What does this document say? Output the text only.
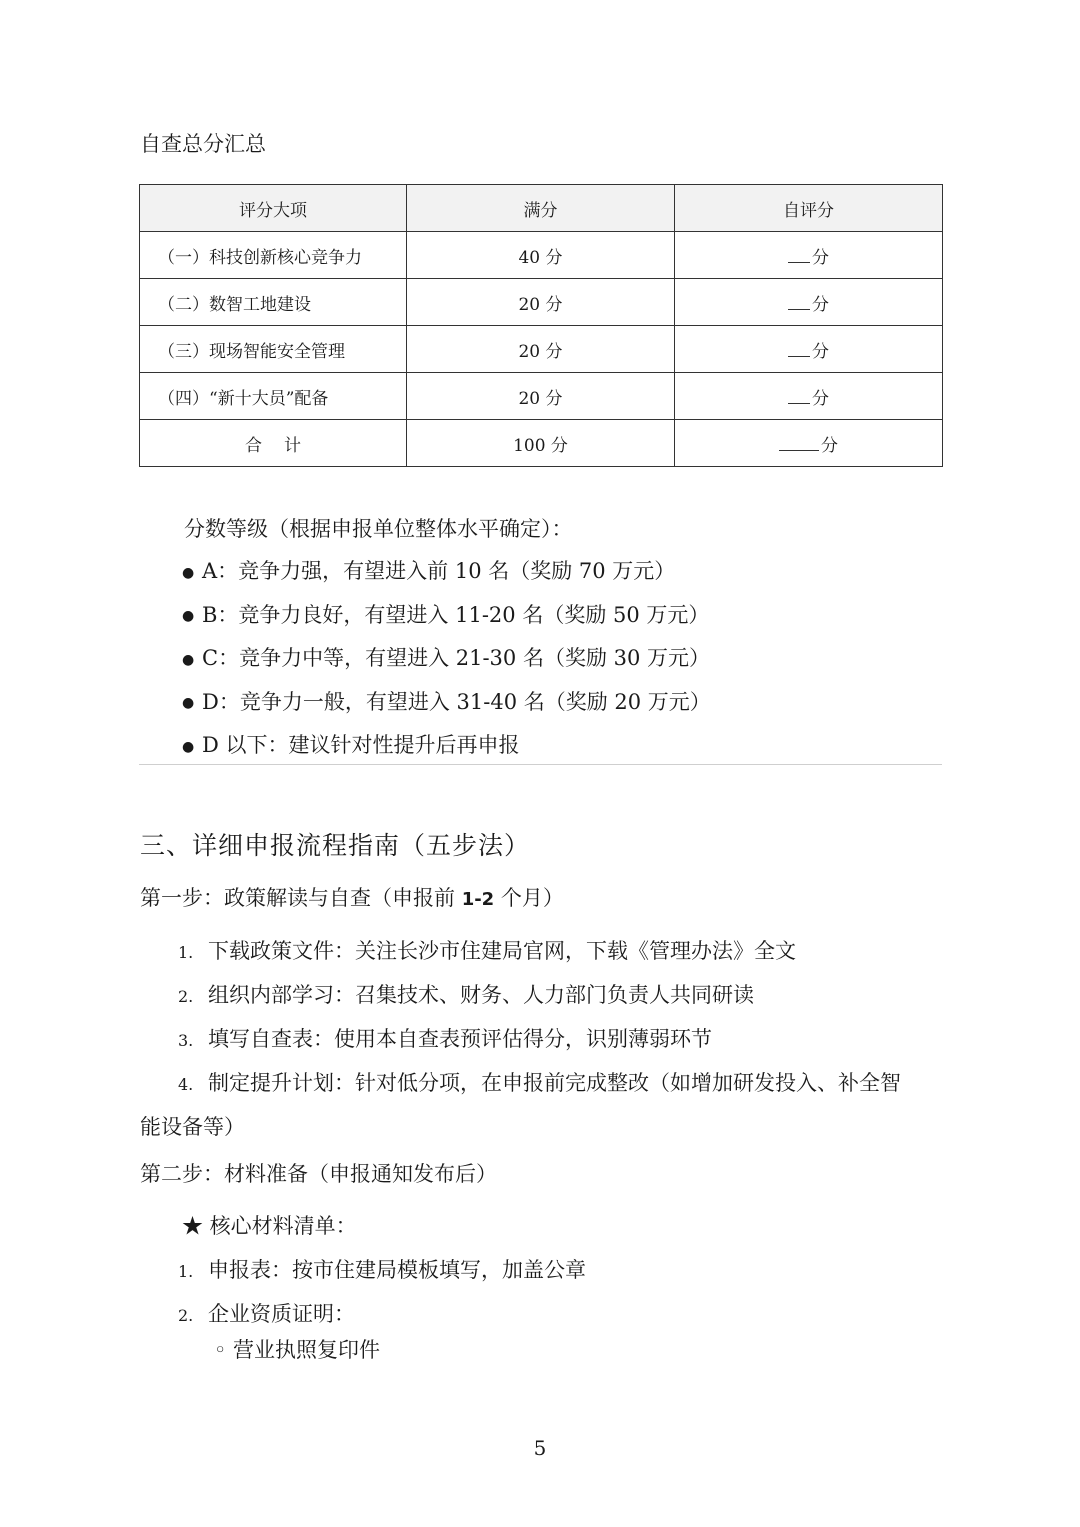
自查总分汇总
评分大项	满分	自评分
（一）科技创新核心竞争力	40 分	分
（二）数智工地建设	20 分	分
（三）现场智能安全管理	20 分	分
（四）“新十大员”配备	20 分	分
合计	100 分	分
分数等级（根据申报单位整体水平确定）：
● A：竞争力强，有望进入前 10 名（奖励 70 万元）
● B：竞争力良好，有望进入 11-20 名（奖励 50 万元）
● C：竞争力中等，有望进入 21-30 名（奖励 30 万元）
● D：竞争力一般，有望进入 31-40 名（奖励 20 万元）
● D 以下：建议针对性提升后再申报
三、详细申报流程指南（五步法）
第一步：政策解读与自查（申报前 1-2 个月）
1. 下载政策文件：关注长沙市住建局官网，下载《管理办法》全文
2. 组织内部学习：召集技术、财务、人力部门负责人共同研读
3. 填写自查表：使用本自查表预评估得分，识别薄弱环节
4. 制定提升计划：针对低分项，在申报前完成整改（如增加研发投入、补全智
能设备等）
第二步：材料准备（申报通知发布后）
★ 核心材料清单：
1. 申报表：按市住建局模板填写，加盖公章
2. 企业资质证明：
◦ 营业执照复印件
5
